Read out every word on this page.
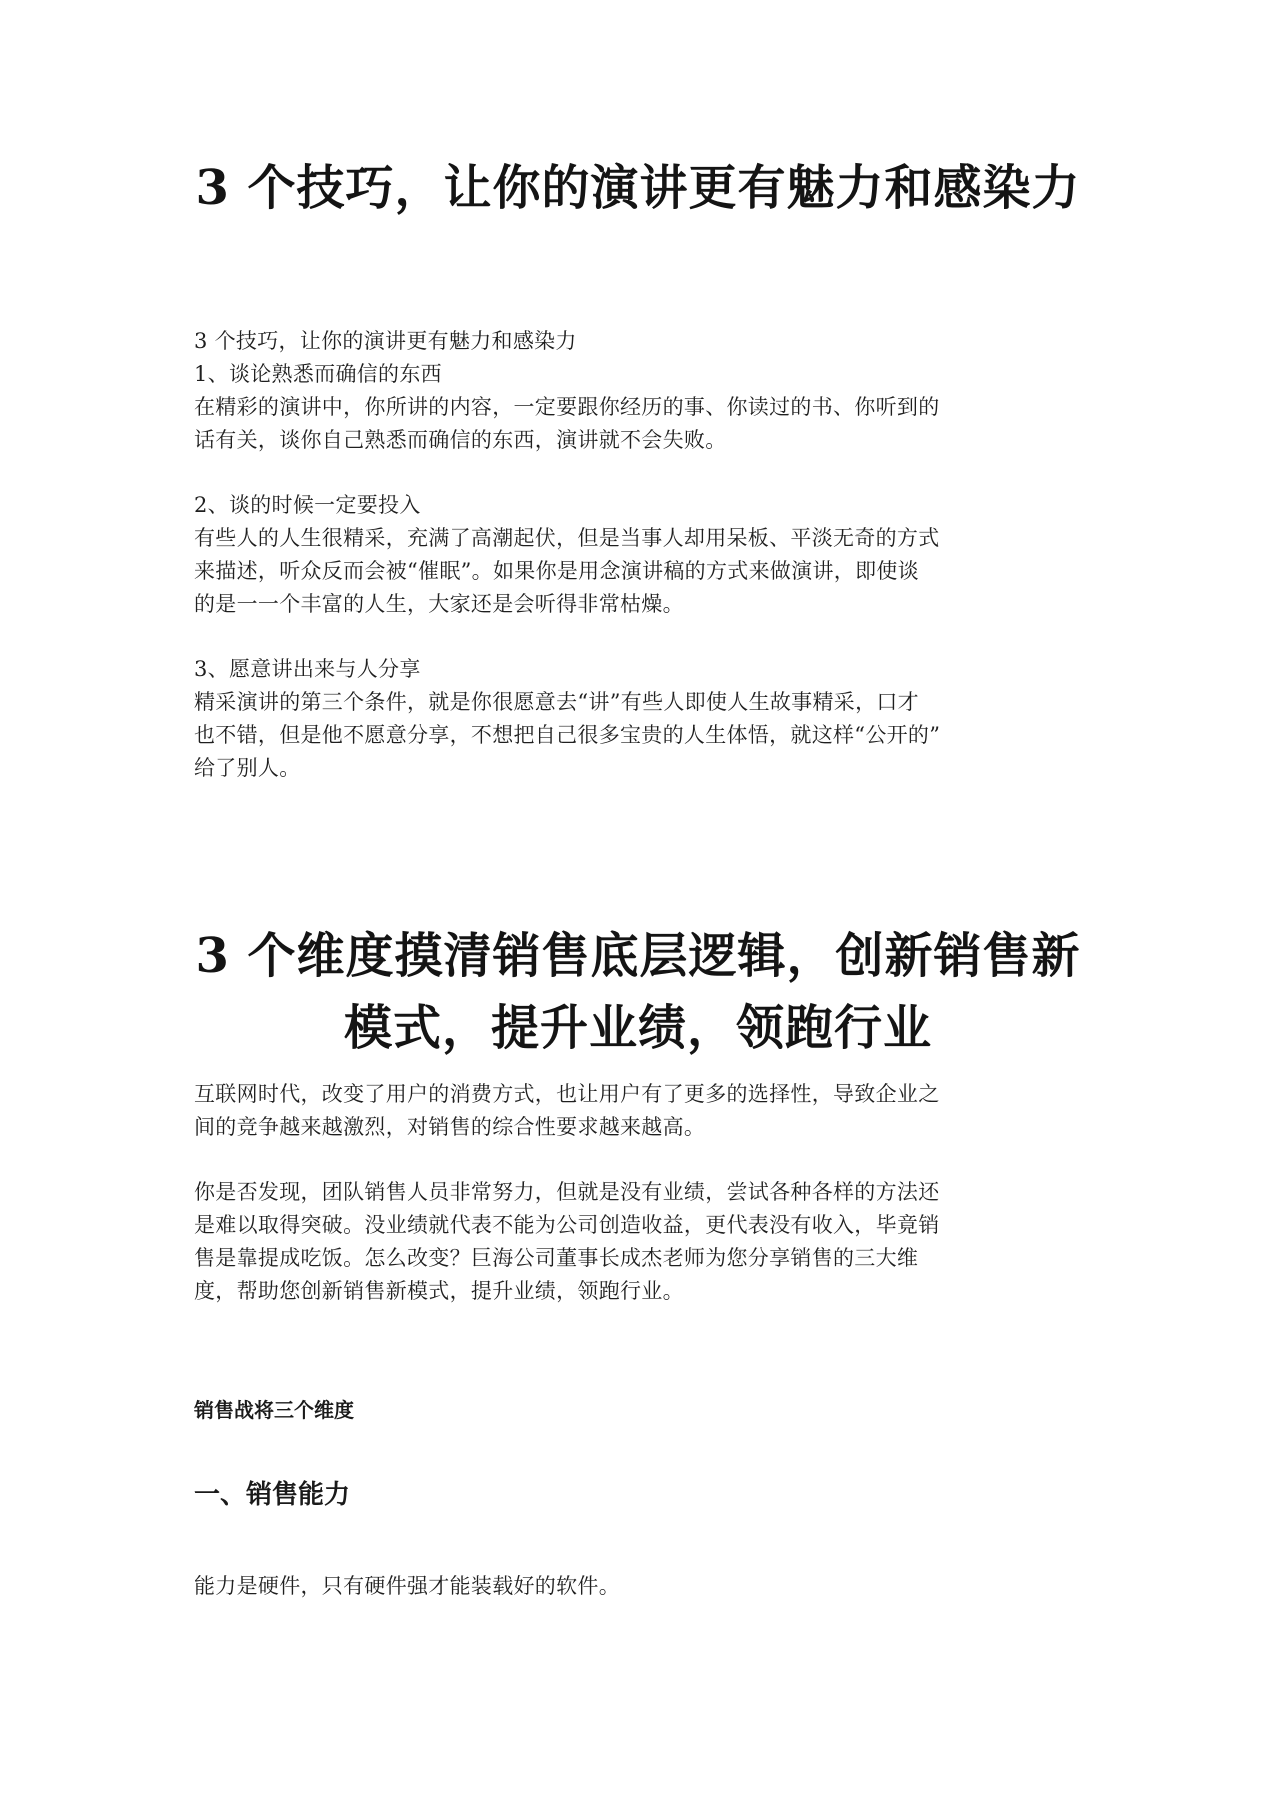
3 个技巧，让你的演讲更有魅力和感染力

3 个技巧，让你的演讲更有魅力和感染力

1、谈论熟悉而确信的东西

在精彩的演讲中，你所讲的内容，一定要跟你经历的事、你读过的书、你听到的

话有关，谈你自己熟悉而确信的东西，演讲就不会失败。

2、谈的时候一定要投入

有些人的人生很精采，充满了高潮起伏，但是当事人却用呆板、平淡无奇的方式

来描述，听众反而会被“催眠”。如果你是用念演讲稿的方式来做演讲，即使谈

的是一一个丰富的人生，大家还是会听得非常枯燥。

3、愿意讲出来与人分享

精采演讲的第三个条件，就是你很愿意去“讲”有些人即使人生故事精采，口才

也不错，但是他不愿意分享，不想把自己很多宝贵的人生体悟，就这样“公开的”

给了别人。

3 个维度摸清销售底层逻辑，创新销售新模式，提升业绩，领跑行业

互联网时代，改变了用户的消费方式，也让用户有了更多的选择性，导致企业之

间的竞争越来越激烈，对销售的综合性要求越来越高。

你是否发现，团队销售人员非常努力，但就是没有业绩，尝试各种各样的方法还

是难以取得突破。没业绩就代表不能为公司创造收益，更代表没有收入，毕竟销

售是靠提成吃饭。怎么改变？巨海公司董事长成杰老师为您分享销售的三大维

度，帮助您创新销售新模式，提升业绩，领跑行业。

销售战将三个维度

一、销售能力

能力是硬件，只有硬件强才能装载好的软件。
